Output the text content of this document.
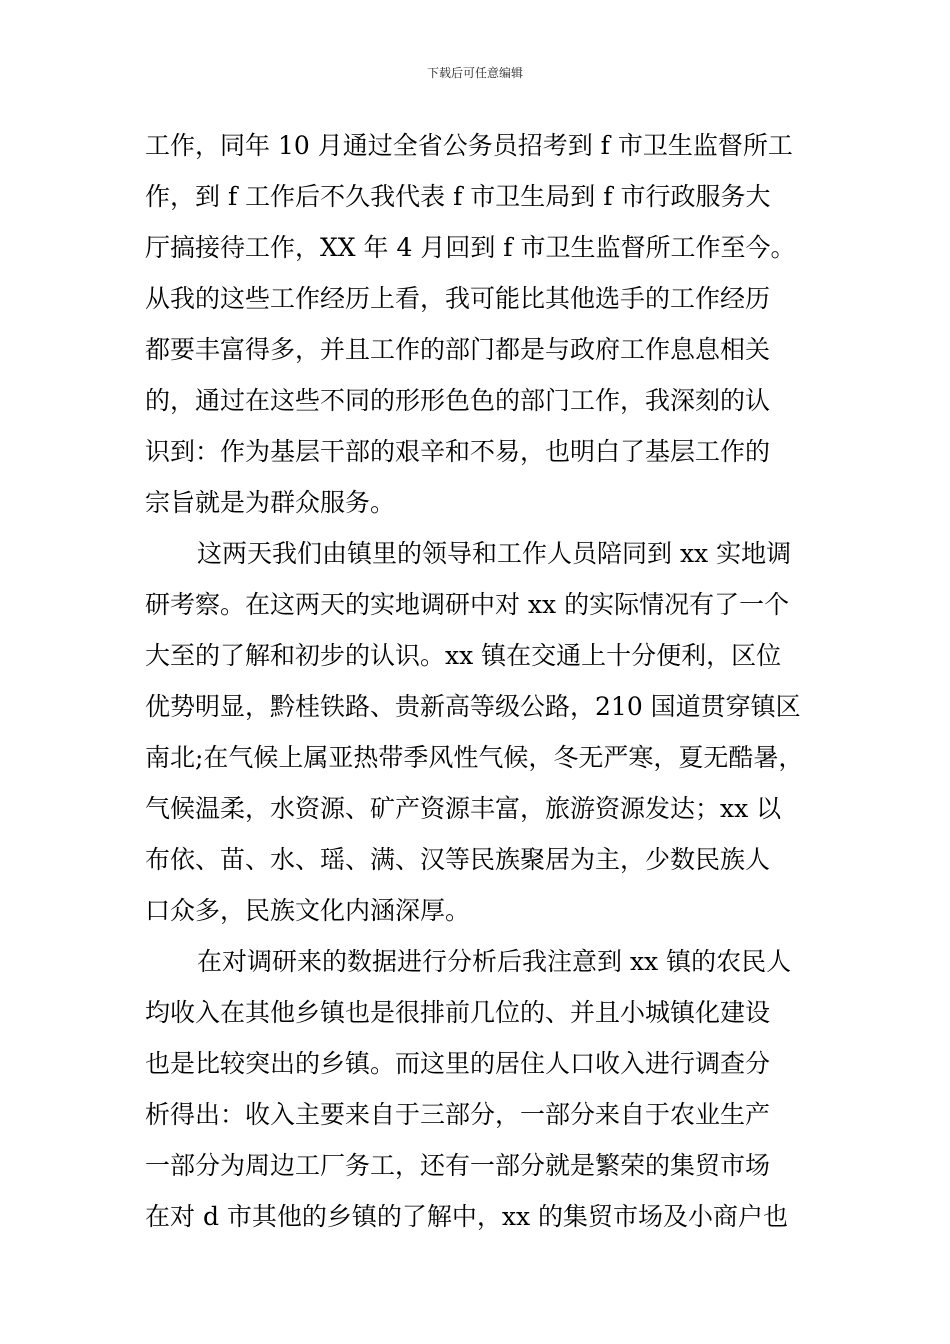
下载后可任意编辑
工作，同年 10 月通过全省公务员招考到 f 市卫生监督所工
作，到 f 工作后不久我代表 f 市卫生局到 f 市行政服务大
厅搞接待工作，XX 年 4 月回到 f 市卫生监督所工作至今。
从我的这些工作经历上看，我可能比其他选手的工作经历
都要丰富得多，并且工作的部门都是与政府工作息息相关
的，通过在这些不同的形形色色的部门工作，我深刻的认
识到：作为基层干部的艰辛和不易，也明白了基层工作的
宗旨就是为群众服务。
这两天我们由镇里的领导和工作人员陪同到 xx 实地调
研考察。在这两天的实地调研中对 xx 的实际情况有了一个
大至的了解和初步的认识。xx 镇在交通上十分便利，区位
优势明显，黔桂铁路、贵新高等级公路，210 国道贯穿镇区
南北;在气候上属亚热带季风性气候，冬无严寒，夏无酷暑，
气候温柔，水资源、矿产资源丰富，旅游资源发达；xx 以
布依、苗、水、瑶、满、汉等民族聚居为主，少数民族人
口众多，民族文化内涵深厚。
在对调研来的数据进行分析后我注意到 xx 镇的农民人
均收入在其他乡镇也是很排前几位的、并且小城镇化建设
也是比较突出的乡镇。而这里的居住人口收入进行调查分
析得出：收入主要来自于三部分，一部分来自于农业生产
一部分为周边工厂务工，还有一部分就是繁荣的集贸市场
在对 d 市其他的乡镇的了解中，xx 的集贸市场及小商户也
